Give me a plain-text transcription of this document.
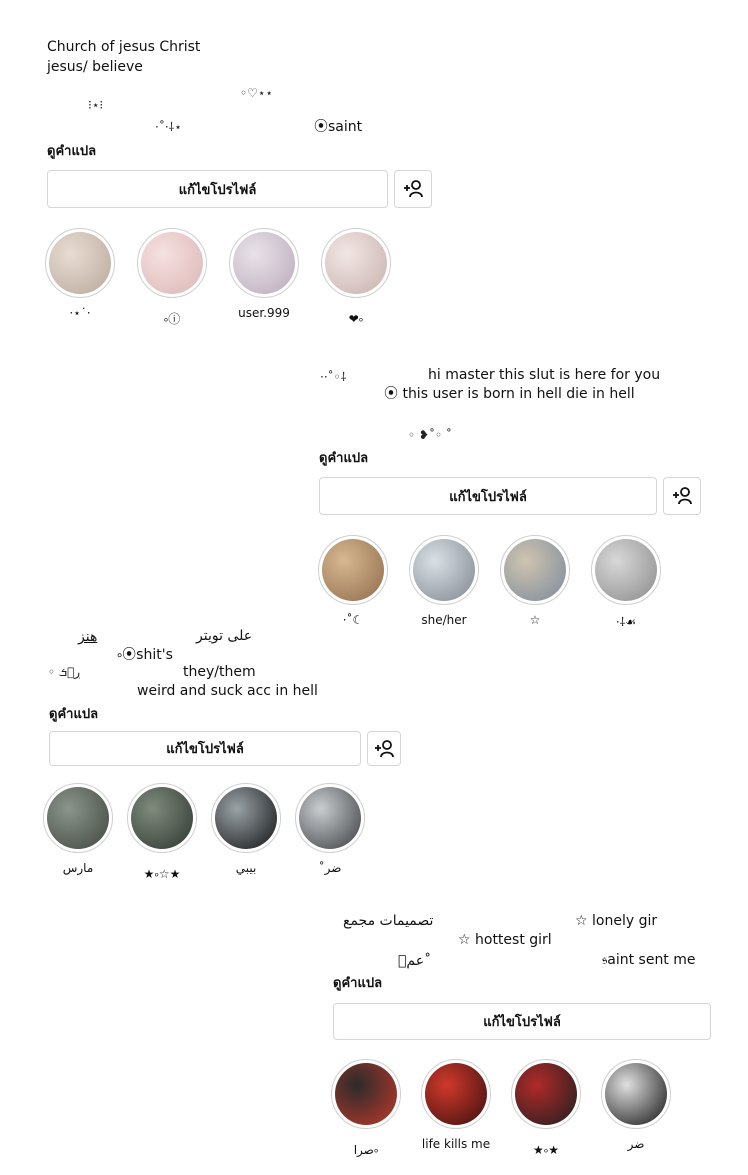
Church of jesus Christ
jesus/ believe
⁝⋆⁝
◦♡⋆⋆
⋅˚⋅⸸⋆	⦿saint
ดูคำแปล
แก้ไขโปรไฟล์
⋅⋆˙⋅	༚ⓘ	user.999	❤༚
⋅⋅˚◦⸸	hi master this slut is here for you
⦿ this user is born in hell die in hell
◦ ❥︎˚◦ ˚
ดูคำแปล
แก้ไขโปรไฟล์
⋅˚☾	she/her	☆	⋅⸸☙
هنز	على تويتر
༚⦿shit's
◦ ڔ۬ܭ	they/them
weird and suck acc in hell
ดูคำแปล
แก้ไขโปรไฟล์
مارس	★༚☆★	بيبي	˚ضر
تصميمات مجمع	☆ lonely gir
☆ hottest girl
عمۭ˚	𝔰aint sent me
ดูคำแปล
แก้ไขโปรไฟล์
صرا༚	life kills me	★༚★	ضر
